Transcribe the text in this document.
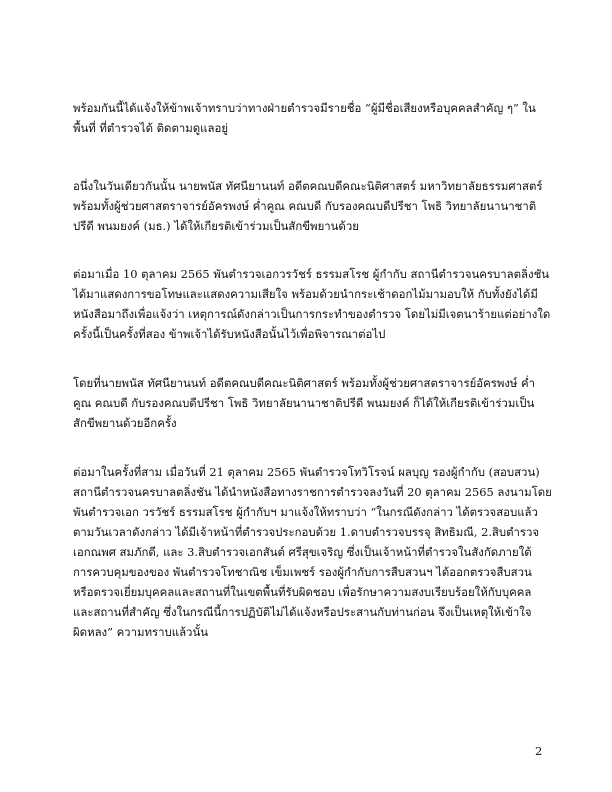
พร้อมกันนี้ได้แจ้งให้ข้าพเจ้าทราบว่าทางฝ่ายตำรวจมีรายชื่อ “ผู้มีชื่อเสียงหรือบุคคลสำคัญ ๆ” ใน
พื้นที่ ที่ตำรวจได้ ติดตามดูแลอยู่

อนึ่งในวันเดียวกันนั้น นายพนัส ทัศนียานนท์ อดีตคณบดีคณะนิติศาสตร์ มหาวิทยาลัยธรรมศาสตร์
พร้อมทั้งผู้ช่วยศาสตราจารย์อัครพงษ์ ค่ำคูณ คณบดี กับรองคณบดีปรีชา โพธิ วิทยาลัยนานาชาติ
ปรีดี พนมยงค์ (มธ.) ได้ให้เกียรติเข้าร่วมเป็นสักขีพยานด้วย

ต่อมาเมื่อ 10 ตุลาคม 2565 พันตำรวจเอกวรวัชร์ ธรรมสโรช ผู้กำกับ สถานีตำรวจนครบาลตลิ่งชัน
ได้มาแสดงการขอโทษและแสดงความเสียใจ พร้อมด้วยนำกระเช้าดอกไม้มามอบให้ กับทั้งยังได้มี
หนังสือมาถึงเพื่อแจ้งว่า เหตุการณ์ดังกล่าวเป็นการกระทำของตำรวจ โดยไม่มีเจตนาร้ายแต่อย่างใด
ครั้งนี้เป็นครั้งที่สอง ข้าพเจ้าได้รับหนังสือนั้นไว้เพื่อพิจารณาต่อไป

โดยที่นายพนัส ทัศนียานนท์ อดีตคณบดีคณะนิติศาสตร์ พร้อมทั้งผู้ช่วยศาสตราจารย์อัครพงษ์ ค่ำ
คูณ คณบดี กับรองคณบดีปรีชา โพธิ วิทยาลัยนานาชาติปรีดี พนมยงค์ ก็ได้ให้เกียรติเข้าร่วมเป็น
สักขีพยานด้วยอีกครั้ง

ต่อมาในครั้งที่สาม เมื่อวันที่ 21 ตุลาคม 2565 พันตำรวจโทวิโรจน์ ผลบุญ รองผู้กำกับ (สอบสวน)
สถานีตำรวจนครบาลตลิ่งชัน ได้นำหนังสือทางราชการตำรวจลงวันที่ 20 ตุลาคม 2565 ลงนามโดย
พันตำรวจเอก วรวัชร์ ธรรมสโรช ผู้กำกับฯ มาแจ้งให้ทราบว่า “ในกรณีดังกล่าว ได้ตรวจสอบแล้ว
ตามวันเวลาดังกล่าว ได้มีเจ้าหน้าที่ตำรวจประกอบด้วย 1.ดาบตำรวจบรรจุ สิทธิมณี, 2.สิบตำรวจ
เอกณพศ สมภักดี, และ 3.สิบตำรวจเอกสันต์ ศรีสุขเจริญ ซึ่งเป็นเจ้าหน้าที่ตำรวจในสังกัดภายใต้
การควบคุมของของ พันตำรวจโทชาณิช เข็มเพชร์ รองผู้กำกับการสืบสวนฯ ได้ออกตรวจสืบสวน
หรือตรวจเยี่ยมบุคคลและสถานที่ในเขตพื้นที่รับผิดชอบ เพื่อรักษาความสงบเรียบร้อยให้กับบุคคล
และสถานที่สำคัญ ซึ่งในกรณีนี้การปฏิบัติไม่ได้แจ้งหรือประสานกับท่านก่อน จึงเป็นเหตุให้เข้าใจ
ผิดหลง” ความทราบแล้วนั้น

2
